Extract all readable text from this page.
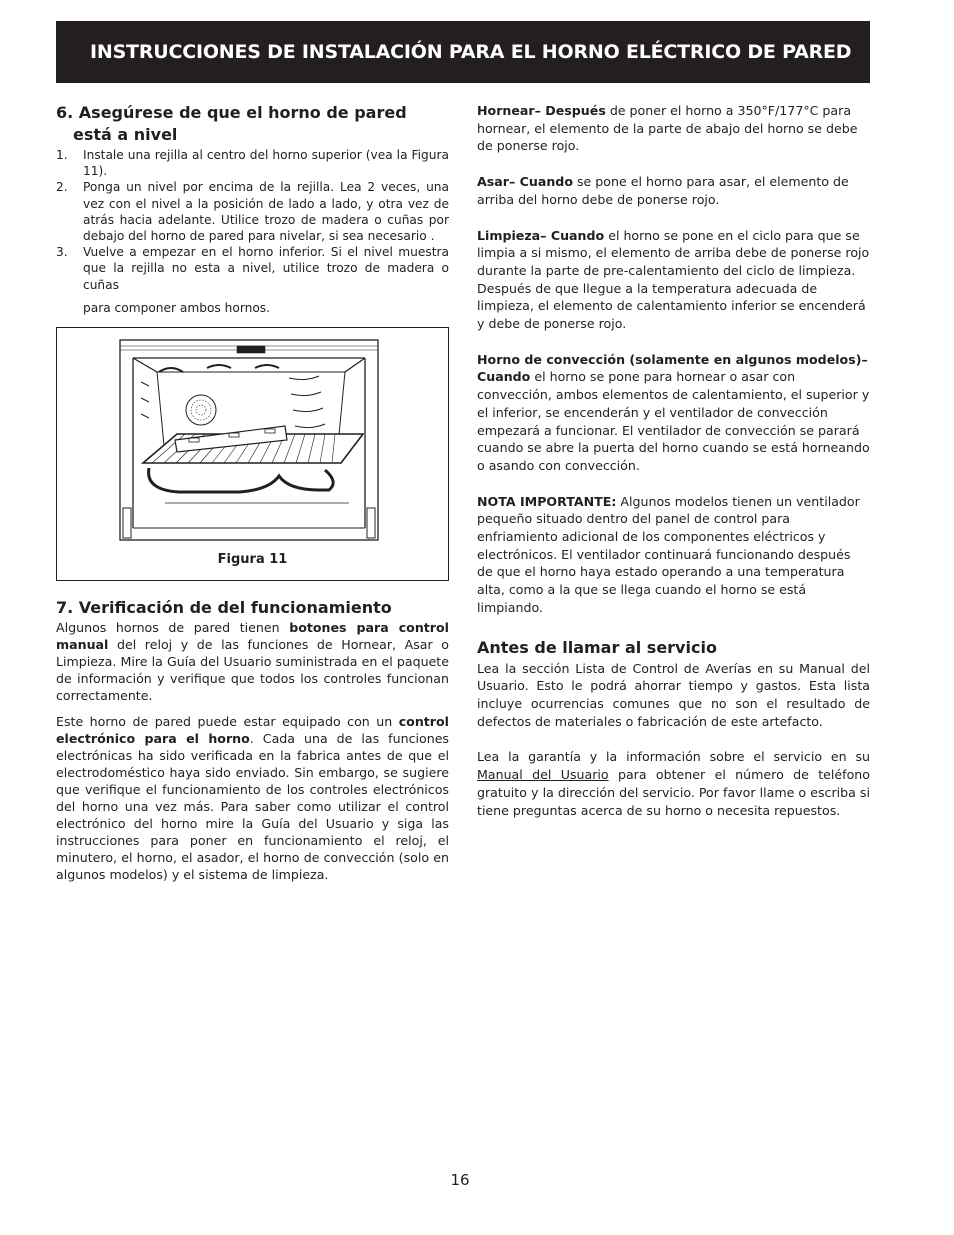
INSTRUCCIONES DE INSTALACIÓN PARA EL HORNO ELÉCTRICO DE PARED
6. Asegúrese de que el horno de pared está a nivel
1. Instale una rejilla al centro del horno superior (vea la Figura 11).
2. Ponga un nivel por encima de la rejilla. Lea 2 veces, una vez con el nivel a la posición de lado a lado, y otra vez de atrás hacia adelante. Utilice trozo de madera o cuñas por debajo del horno de pared para nivelar, si sea necesario .
3. Vuelve a empezar en el horno inferior. Si el nivel muestra que la rejilla no esta a nivel, utilice trozo de madera o cuñas
para componer ambos hornos.
Figura 11
7. Verificación de del funcionamiento

Algunos hornos de pared tienen botones para control manual del reloj y de las funciones de Hornear, Asar o Limpieza. Mire la Guía del Usuario suministrada en el paquete de información y verifique que todos los controles funcionan correctamente.

Este horno de pared puede estar equipado con un control electrónico para el horno. Cada una de las funciones electrónicas ha sido verificada en la fabrica antes de que el electrodoméstico haya sido enviado. Sin embargo, se sugiere que verifique el funcionamiento de los controles electrónicos del horno una vez más. Para saber como utilizar el control electrónico del horno mire la Guía del Usuario y siga las instrucciones para poner en funcionamiento el reloj, el minutero, el horno, el asador, el horno de convección (solo en algunos modelos) y el sistema de limpieza.

Hornear– Después de poner el horno a 350°F/177°C para hornear, el elemento de la parte de abajo del horno se debe de ponerse rojo.

Asar– Cuando se pone el horno para asar, el elemento de arriba del horno debe de ponerse rojo.

Limpieza– Cuando el horno se pone en el ciclo para que se limpia a si mismo, el elemento de arriba debe de ponerse rojo durante la parte de pre-calentamiento del ciclo de limpieza. Después de que llegue a la temperatura adecuada de limpieza, el elemento de calentamiento inferior se encenderá y debe de ponerse rojo.

Horno de convección (solamente en algunos modelos)– Cuando el horno se pone para hornear o asar con convección, ambos elementos de calentamiento, el superior y el inferior, se encenderán y el ventilador de convección empezará a funcionar. El ventilador de convección se parará cuando se abre la puerta del horno cuando se está horneando o asando con convección.

NOTA IMPORTANTE: Algunos modelos tienen un ventilador pequeño situado dentro del panel de control para enfriamiento adicional de los componentes eléctricos y electrónicos. El ventilador continuará funcionando después de que el horno haya estado operando a una temperatura alta, como a la que se llega cuando el horno se está limpiando.

Antes de llamar al servicio

Lea la sección Lista de Control de Averías en su Manual del Usuario. Esto le podrá ahorrar tiempo y gastos. Esta lista incluye ocurrencias comunes que no son el resultado de defectos de materiales o fabricación de este artefacto.

Lea la garantía y la información sobre el servicio en su Manual del Usuario para obtener el número de teléfono gratuito y la dirección del servicio. Por favor llame o escriba si tiene preguntas acerca de su horno o necesita repuestos.

16
